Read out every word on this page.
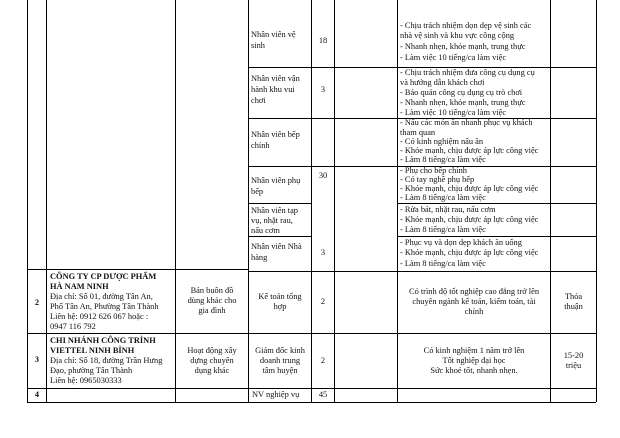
Nhân viên vệ
sinh
18
- Chịu trách nhiệm dọn dẹp vệ sinh các
nhà vệ sinh và khu vực công cộng
- Nhanh nhẹn, khỏe mạnh, trung thực
- Làm việc 10 tiếng/ca làm việc
Nhân viên vận
hành khu vui
chơi
3
- Chịu trách nhiệm đưa công cụ dụng cụ
và hướng dẫn khách chơi
- Bảo quản công cụ dụng cụ trò chơi
- Nhanh nhẹn, khỏe mạnh, trung thực
- Làm việc 10 tiếng/ca làm việc
Nhân viên bếp
chính
- Nấu các món ăn nhanh phục vụ khách
tham quan
- Có kinh nghiệm nấu ăn
- Khỏe mạnh, chịu được áp lực công việc
- Làm 8 tiếng/ca làm việc
30
Nhân viên phụ
bếp
- Phụ cho bếp chính
- Có tay nghề phụ bếp
- Khỏe mạnh, chịu được áp lực công việc
- Làm 8 tiếng/ca làm việc
Nhân viên tạp
vụ, nhặt rau,
nấu cơm
- Rửa bát, nhặt rau, nấu cơm
- Khỏe mạnh, chịu được áp lực công việc
- Làm 8 tiếng/ca làm việc
Nhân viên Nhà
hàng
3
- Phục vụ và dọn dẹp khách ăn uống
- Khỏe mạnh, chịu được áp lực công việc
- Làm 8 tiếng/ca làm việc
2
CÔNG TY CP DƯỢC PHẨM
HÀ NAM NINH
Địa chỉ: Số 01, đường Tân An,
Phố Tân An, Phường Tân Thành
Liên hệ: 0912 626 067 hoặc :
0947 116 792
Bán buôn đồ
dùng khác cho
gia đình
Kế toán tổng
hợp
2
Có trình độ tốt nghiệp cao đẳng trở lên
chuyên ngành kế toán, kiểm toán, tài
chính
Thỏa
thuận
3
CHI NHÁNH CÔNG TRÌNH
VIETTEL NINH BÌNH
Địa chỉ: Số 18, đường Trần Hưng
Đạo, phường Tân Thành
Liên hệ: 0965030333
Hoạt động xây
dựng chuyên
dụng khác
Giám đốc kinh
doanh trung
tâm huyện
2
Có kinh nghiệm 1 năm trở lên
Tốt nghiệp đại học
Sức khoẻ tốt, nhanh nhẹn.
15-20
triệu
4	NV nghiệp vụ	45
